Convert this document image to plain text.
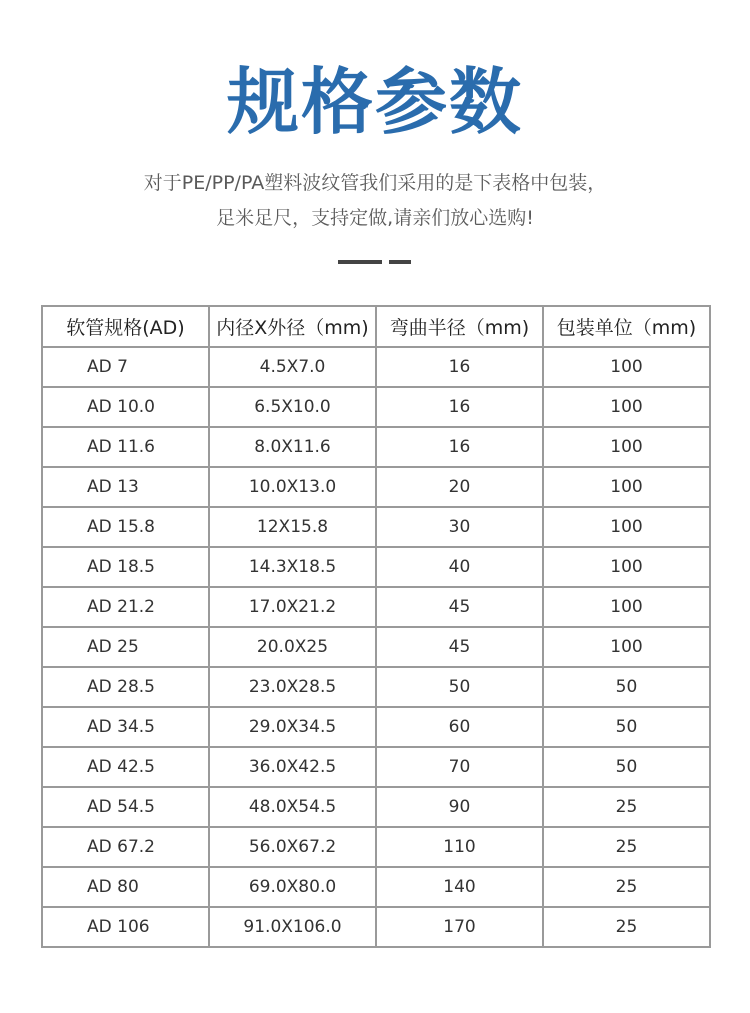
规格参数
对于PE/PP/PA塑料波纹管我们采用的是下表格中包装，
足米足尺，支持定做,请亲们放心选购!
软管规格(AD)	内径X外径（mm)	弯曲半径（mm)	包装单位（mm)
AD 7	4.5X7.0	16	100
AD 10.0	6.5X10.0	16	100
AD 11.6	8.0X11.6	16	100
AD 13	10.0X13.0	20	100
AD 15.8	12X15.8	30	100
AD 18.5	14.3X18.5	40	100
AD 21.2	17.0X21.2	45	100
AD 25	20.0X25	45	100
AD 28.5	23.0X28.5	50	50
AD 34.5	29.0X34.5	60	50
AD 42.5	36.0X42.5	70	50
AD 54.5	48.0X54.5	90	25
AD 67.2	56.0X67.2	110	25
AD 80	69.0X80.0	140	25
AD 106	91.0X106.0	170	25
